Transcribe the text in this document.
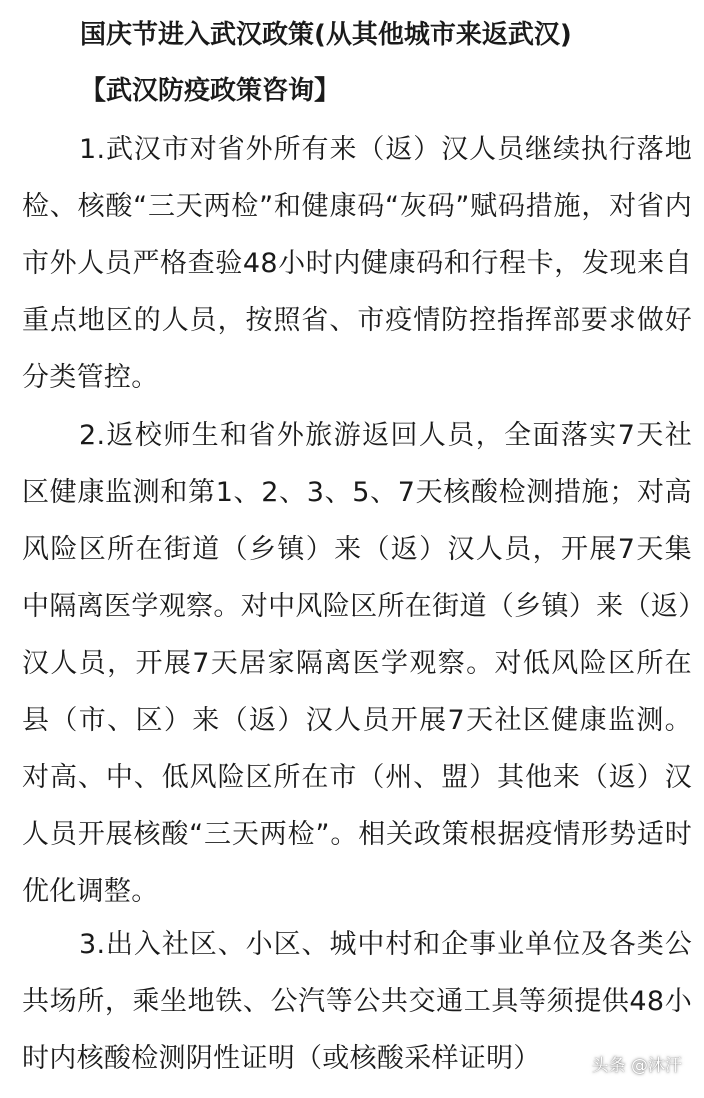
国庆节进入武汉政策(从其他城市来返武汉)
【武汉防疫政策咨询】

1.武汉市对省外所有来（返）汉人员继续执行落地检、核酸“三天两检”和健康码“灰码”赋码措施，对省内市外人员严格查验48小时内健康码和行程卡，发现来自重点地区的人员，按照省、市疫情防控指挥部要求做好分类管控。

2.返校师生和省外旅游返回人员，全面落实7天社区健康监测和第1、2、3、5、7天核酸检测措施；对高风险区所在街道（乡镇）来（返）汉人员，开展7天集中隔离医学观察。对中风险区所在街道（乡镇）来（返）汉人员，开展7天居家隔离医学观察。对低风险区所在县（市、区）来（返）汉人员开展7天社区健康监测。对高、中、低风险区所在市（州、盟）其他来（返）汉人员开展核酸“三天两检”。相关政策根据疫情形势适时优化调整。

3.出入社区、小区、城中村和企事业单位及各类公共场所，乘坐地铁、公汽等公共交通工具等须提供48小时内核酸检测阴性证明（或核酸采样证明）	头条 @沐汗
